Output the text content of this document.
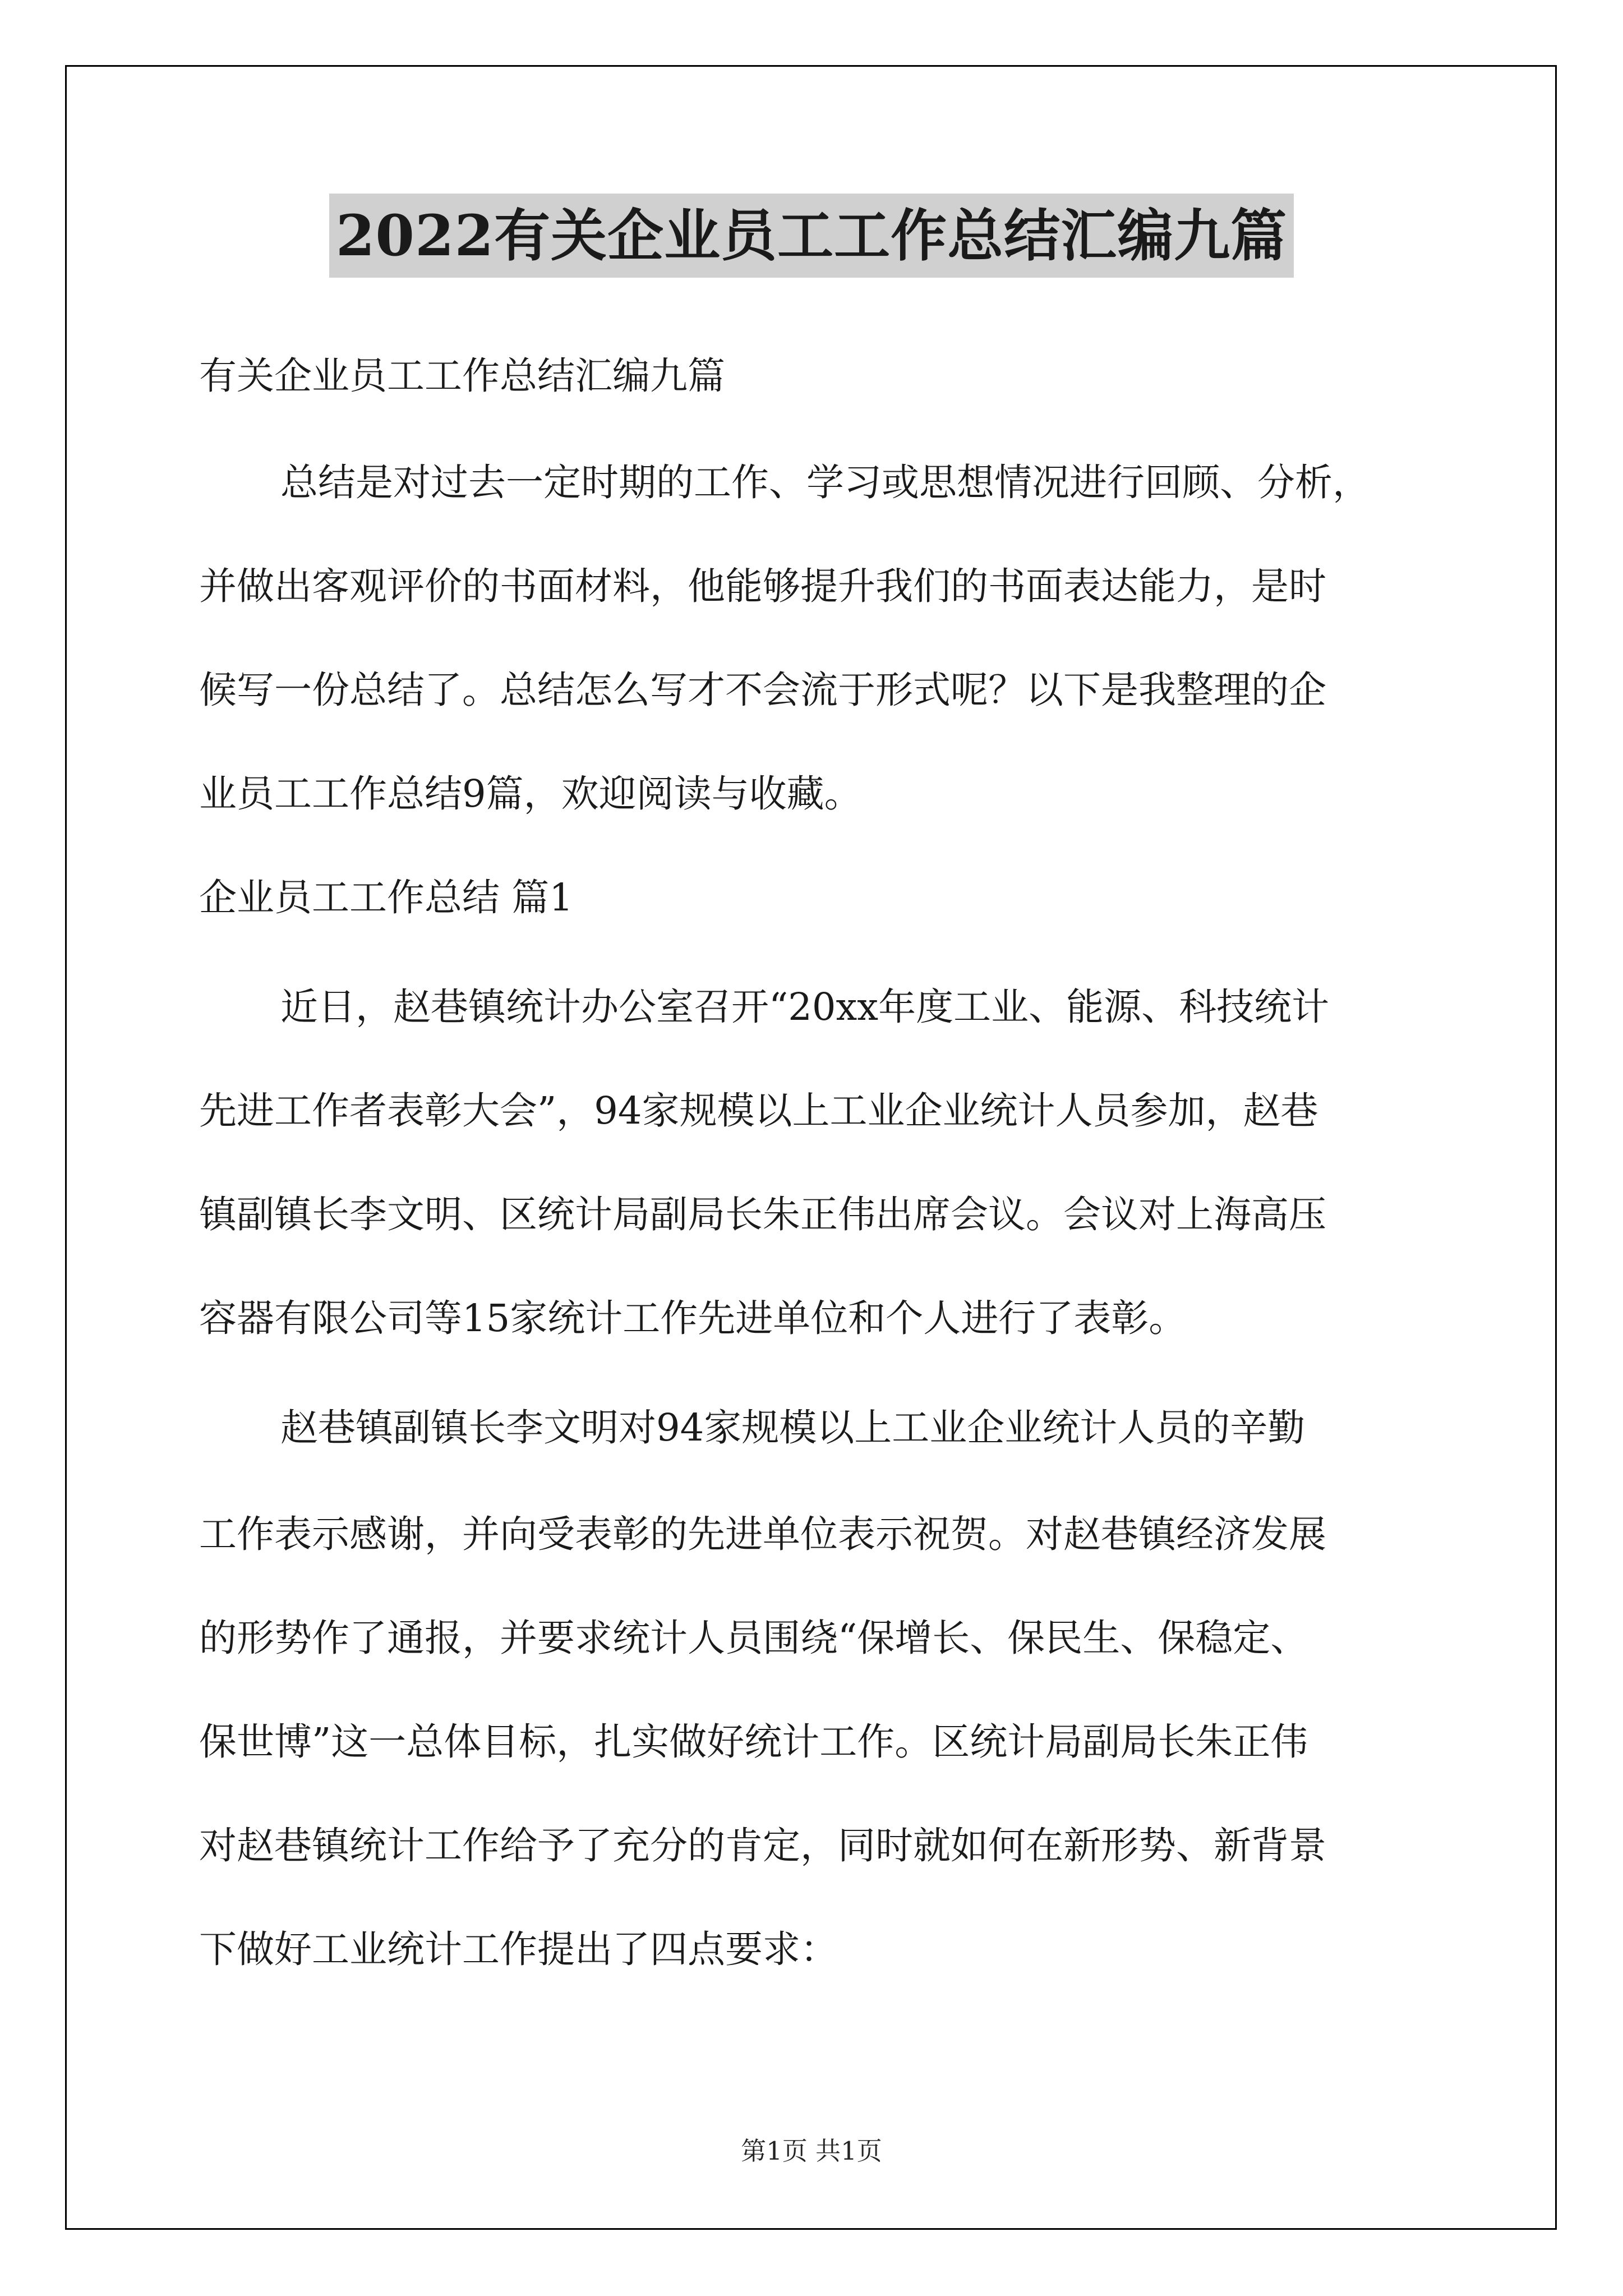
2022有关企业员工工作总结汇编九篇
有关企业员工工作总结汇编九篇
总结是对过去一定时期的工作、学习或思想情况进行回顾、分析，
并做出客观评价的书面材料，他能够提升我们的书面表达能力，是时
候写一份总结了。总结怎么写才不会流于形式呢？以下是我整理的企
业员工工作总结9篇，欢迎阅读与收藏。
企业员工工作总结 篇1
近日，赵巷镇统计办公室召开“20xx年度工业、能源、科技统计
先进工作者表彰大会”，94家规模以上工业企业统计人员参加，赵巷
镇副镇长李文明、区统计局副局长朱正伟出席会议。会议对上海高压
容器有限公司等15家统计工作先进单位和个人进行了表彰。
赵巷镇副镇长李文明对94家规模以上工业企业统计人员的辛勤
工作表示感谢，并向受表彰的先进单位表示祝贺。对赵巷镇经济发展
的形势作了通报，并要求统计人员围绕“保增长、保民生、保稳定、
保世博”这一总体目标，扎实做好统计工作。区统计局副局长朱正伟
对赵巷镇统计工作给予了充分的肯定，同时就如何在新形势、新背景
下做好工业统计工作提出了四点要求：
第1页 共1页
